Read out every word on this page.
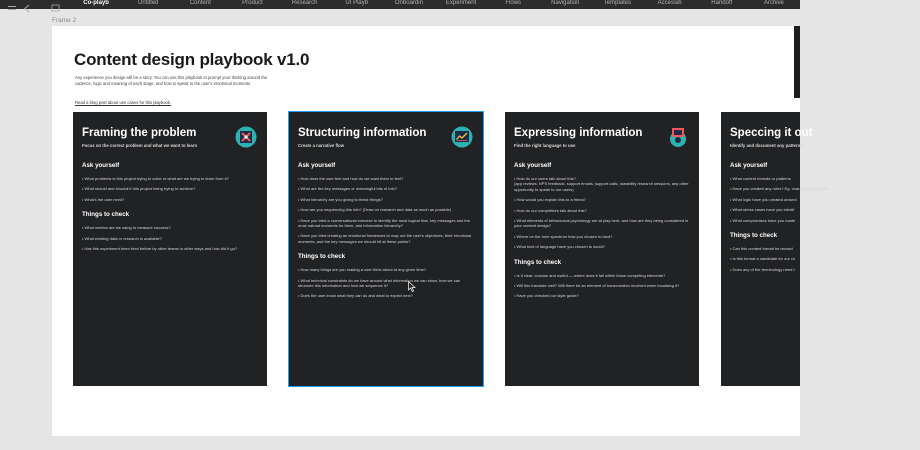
Co-playb	Untitled	Content	Product	Research	UI Playb	Onboardin	Experiment	Flows	Navigation	Templates	Accessib	Handoff	Archive
Frame 2
Content design playbook v1.0
Any experience you design will be a story. You can use this playbook to prompt your thinking around the cadence, logic and meaning of each stage, and how to speak to the user's emotional moments.
Read a blog post about use cases for this playbook.
Framing the problem
Focus on the correct problem and what we want to learn
Ask yourself
• What problems is this project trying to solve or what are we trying to learn from it?
• What should and shouldn't this project being trying to achieve?
• What's the user need?
Things to check
• What metrics are we using to measure success?
• What existing data or research is available?
• Has this experiment been tried before by other teams in other ways and how did it go?
Structuring information
Create a narrative flow
Ask yourself
• How does the user feel and how do we want them to feel?
• What are the key messages or meaningful bits of info?
• What hierarchy are you giving to these things?
• How are you sequencing this info? (Draw on research and data as much as possible)
• Have you tried a conversational exercise to identify the most logical flow, key messages and the most natural moments for them, and information hierarchy?
• Have you tried creating an emotional framework to map out the user's objectives, their emotional moments, and the key messages we should hit at these points?
Things to check
• How many things are you making a user think about at any given time?
• What technical constraints do we have around what information we can show, how we can structure this information and how we sequence it?
• Does the user know what they can do and what to expect next?
Expressing information
Find the right language to use
Ask yourself
• How do our users talk about this?
(app reviews, NPS feedback, support emails, support calls, useability research sessions, any other opportunity to speak to our users)
• How would you explain this to a friend?
• How do our competitors talk about this?
• What elements of behavioural psychology are at play here, and how are they being considered in your content design?
• Where on the tone spectrum how you chosen to land?
• What kind of language have you chosen to avoid?
Things to check
• Is it clear, concise and useful — where does it fall within those competing elements?
• Will this translate well? Will there be an element of transcreation involved when localising it?
• Have you checked our style guide?
Speccing it out
Identify and document any patterns
Ask yourself
• What content formats or patterns
• Have you created any rules? Eg. character restrictions
• What logic have you created around
• What stress cases have you identif
• What compromises have you made
Things to check
• Can this content format be reused
• Is this format a candidate for our co
• Does any of the terminology need t
